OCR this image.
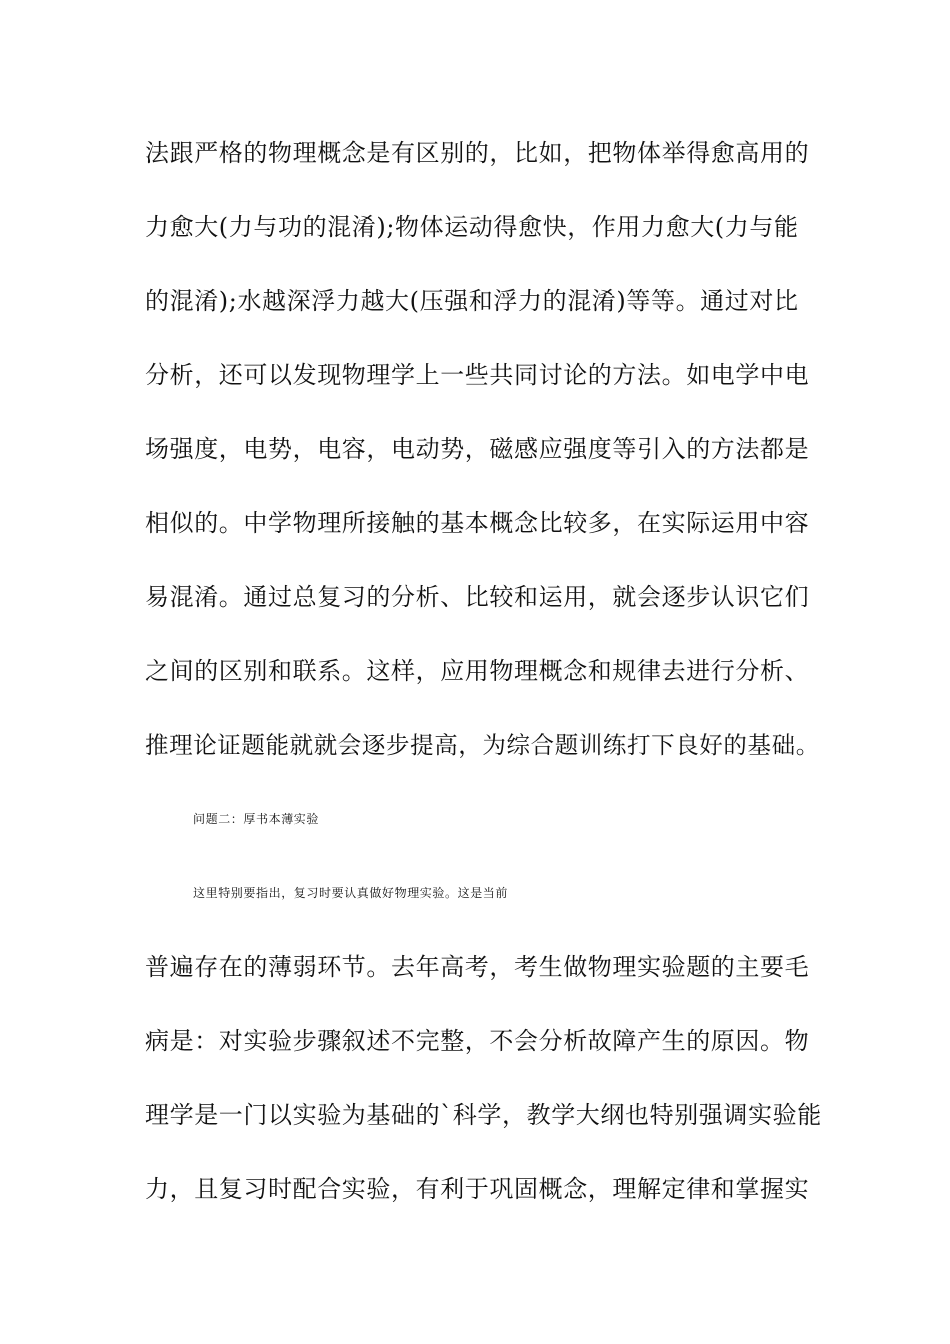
法跟严格的物理概念是有区别的，比如，把物体举得愈高用的
力愈大(力与功的混淆);物体运动得愈快，作用力愈大(力与能
的混淆);水越深浮力越大(压强和浮力的混淆)等等。通过对比
分析，还可以发现物理学上一些共同讨论的方法。如电学中电
场强度，电势，电容，电动势，磁感应强度等引入的方法都是
相似的。中学物理所接触的基本概念比较多，在实际运用中容
易混淆。通过总复习的分析、比较和运用，就会逐步认识它们
之间的区别和联系。这样，应用物理概念和规律去进行分析、
推理论证题能就就会逐步提高，为综合题训练打下良好的基础。
问题二：厚书本薄实验
这里特别要指出，复习时要认真做好物理实验。这是当前
普遍存在的薄弱环节。去年高考，考生做物理实验题的主要毛
病是：对实验步骤叙述不完整，不会分析故障产生的原因。物
理学是一门以实验为基础的`科学，教学大纲也特别强调实验能
力，且复习时配合实验，有利于巩固概念，理解定律和掌握实
